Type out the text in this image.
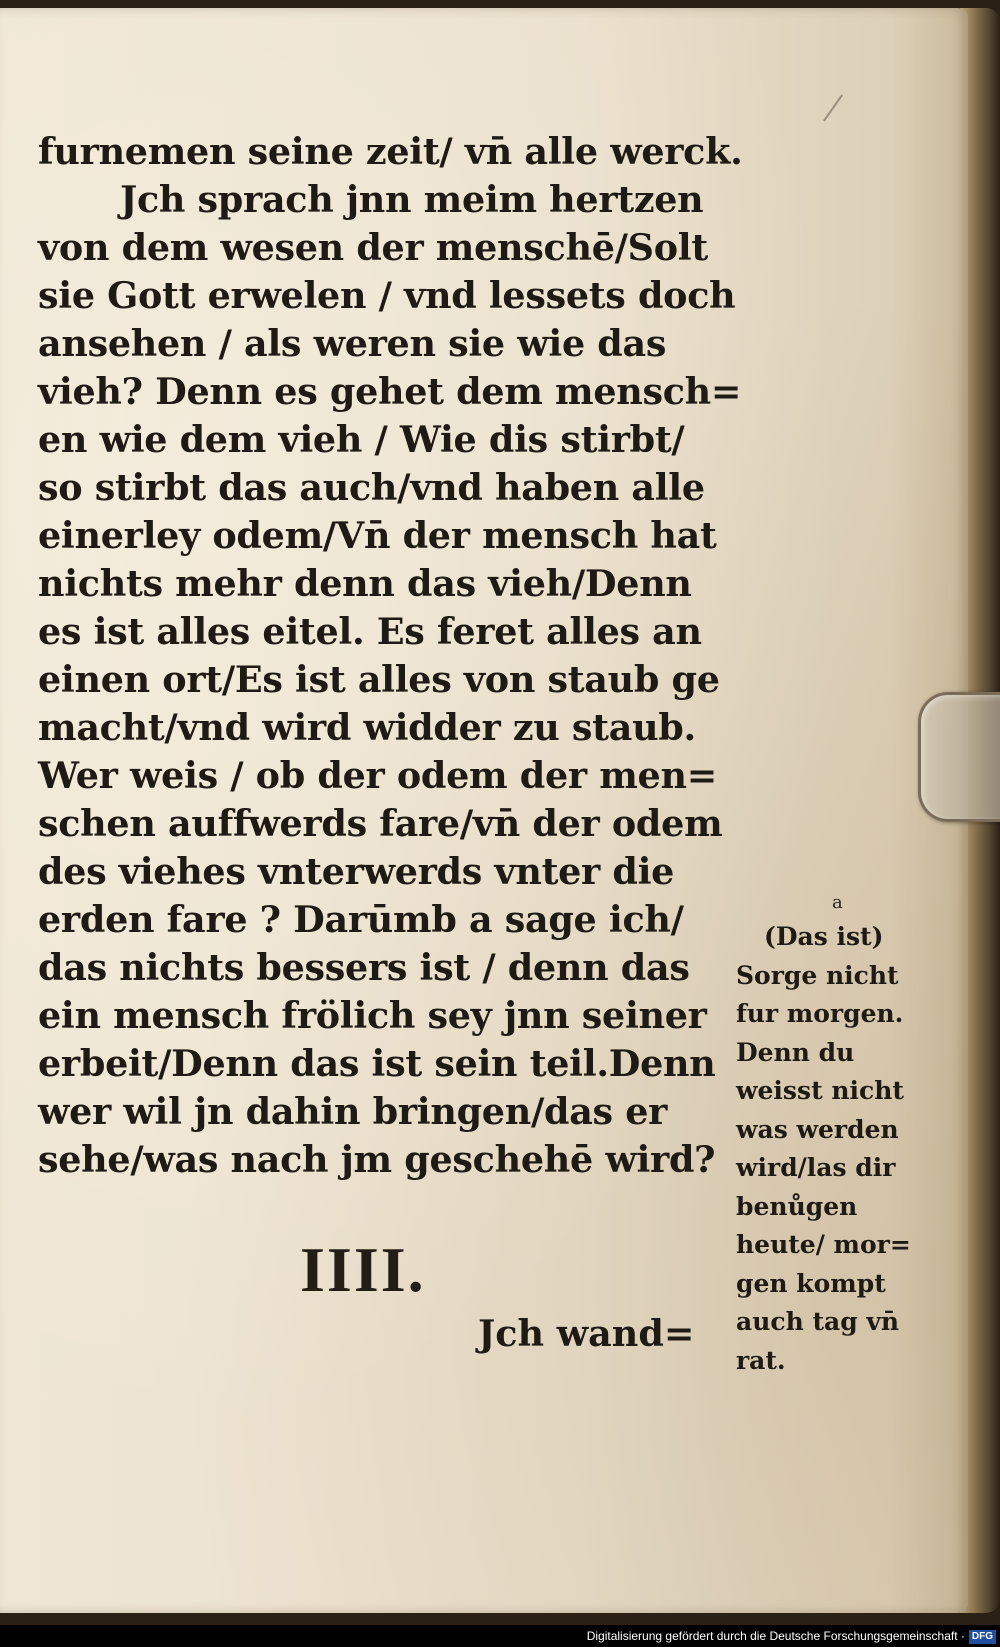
furnemen seine zeit/ vn̄ alle werck.
Jch sprach jnn meim hertzen
von dem wesen der menschē/Solt
sie Gott erwelen / vnd lessets doch
ansehen / als weren sie wie das
vieh? Denn es gehet dem mensch=
en wie dem vieh / Wie dis stirbt/
so stirbt das auch/vnd haben alle
einerley odem/Vn̄ der mensch hat
nichts mehr denn das vieh/Denn
es ist alles eitel. Es feret alles an
einen ort/Es ist alles von staub ge
macht/vnd wird widder zu staub.
Wer weis / ob der odem der men=
schen auffwerds fare/vn̄ der odem
des viehes vnterwerds vnter die
erden fare ? Darūmb a sage ich/
das nichts bessers ist / denn das
ein mensch frölich sey jnn seiner
erbeit/Denn das ist sein teil.Denn
wer wil jn dahin bringen/das er
sehe/was nach jm geschehē wird?
IIII.
Jch wand=
a
(Das ist)
Sorge nicht
fur morgen.
Denn du
weisst nicht
was werden
wird/las dir
benůgen
heute/ mor=
gen kompt
auch tag vn̄
rat.
Digitalisierung gefördert durch die Deutsche Forschungsgemeinschaft · DFG
